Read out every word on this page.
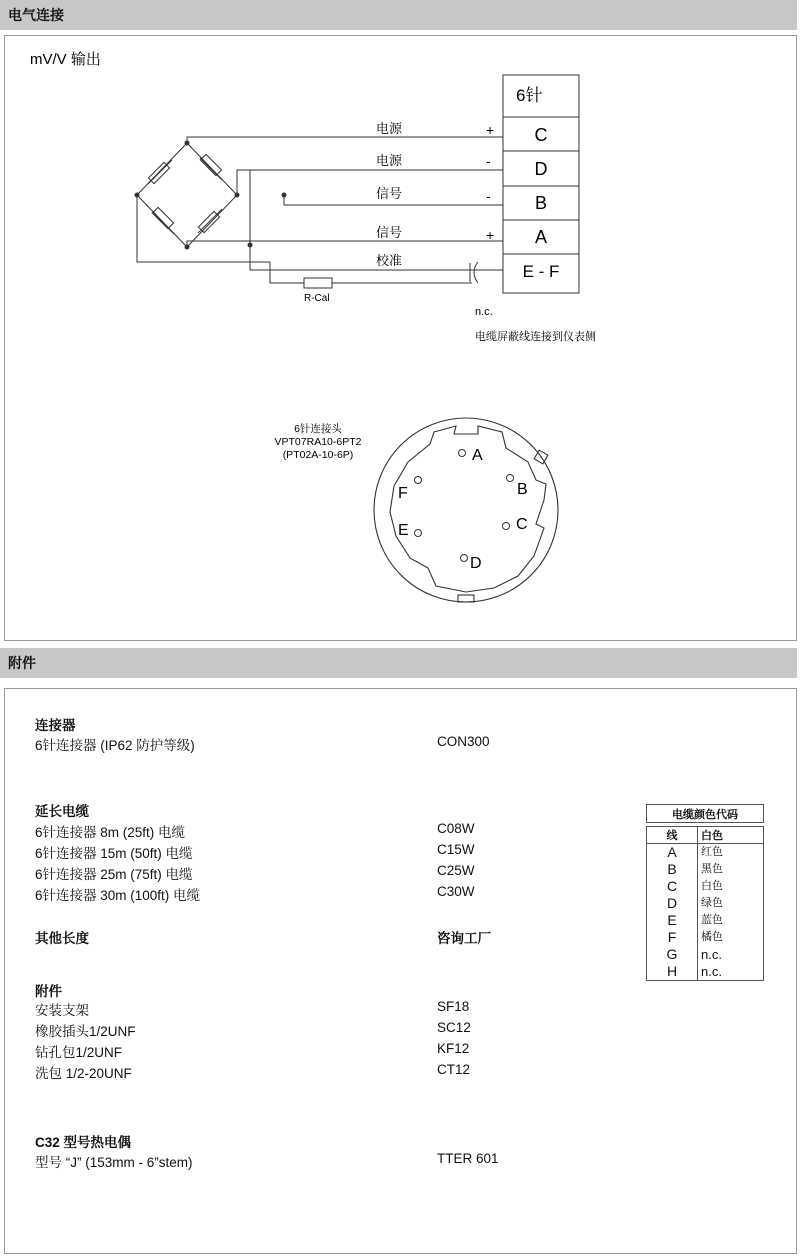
电气连接
mV/V 输出
6针
电源	+ C
电源	- D
信号	- B
信号	+ A
校准
E - F
R-Cal
n.c.
电缆屏蔽线连接到仪表侧
6针连接头
VPT07RA10-6PT2
(PT02A-10-6P)	A
B
C
D
E
F
附件
连接器
6针连接器 (IP62 防护等级)	CON300
延长电缆
6针连接器 8m (25ft) 电缆	C08W
6针连接器 15m (50ft) 电缆	C15W
6针连接器 25m (75ft) 电缆	C25W
6针连接器 30m (100ft) 电缆	C30W
其他长度	咨询工厂
附件
安装支架	SF18
橡胶插头1/2UNF	SC12
钻孔包1/2UNF	KF12
洗包 1/2-20UNF	CT12
C32 型号热电偶
型号 “J” (153mm - 6”stem)	TTER 601
电缆颜色代码	

线	白色
A	红色
B	黑色
C	白色
D	绿色
E	蓝色
F	橘色
G	n.c.
H	n.c.
